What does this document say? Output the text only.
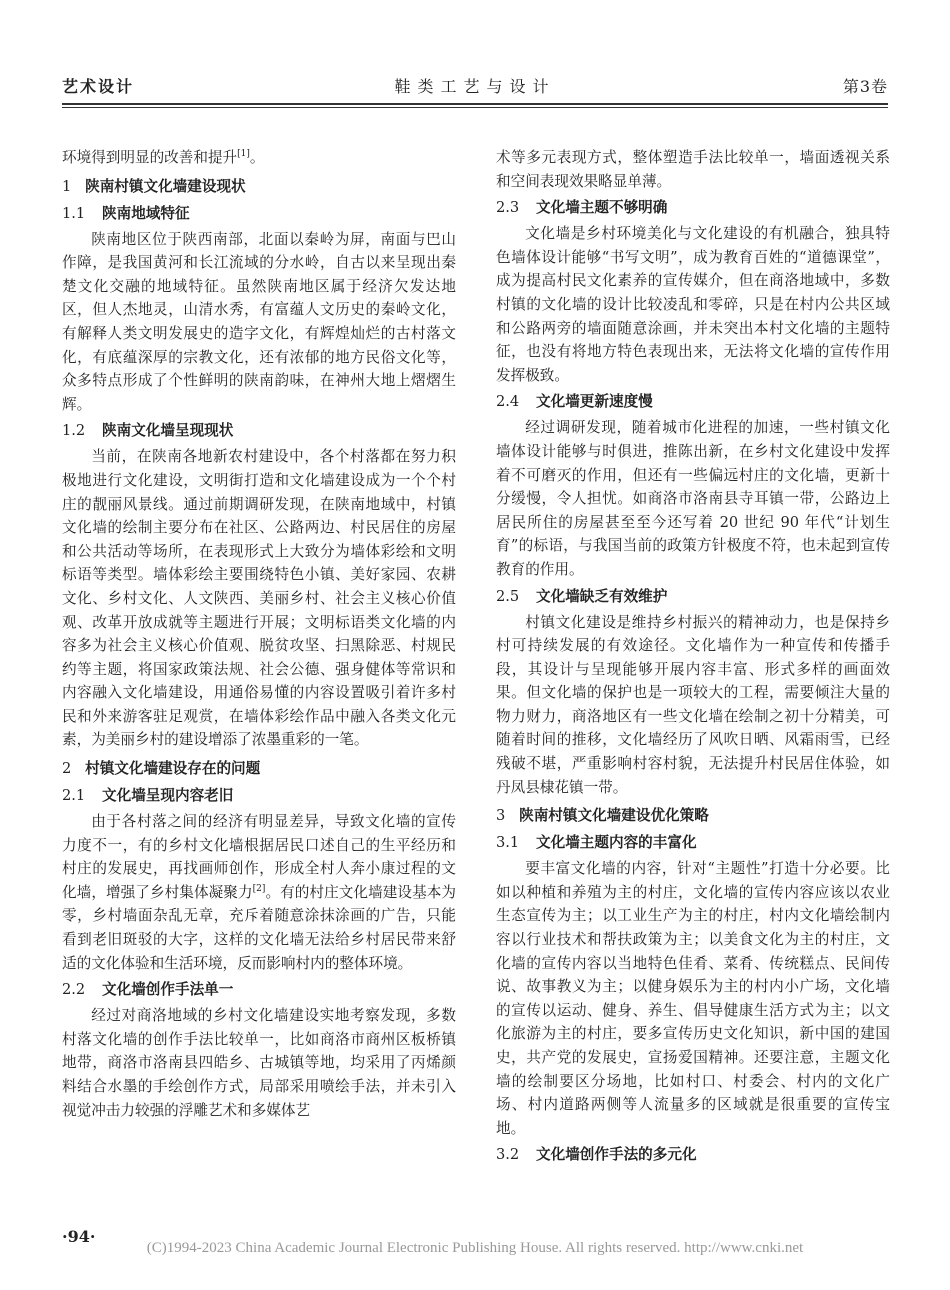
艺术设计	鞋类工艺与设计	第3卷

环境得到明显的改善和提升[1]。

1 陕南村镇文化墙建设现状
1.1 陕南地域特征

陕南地区位于陕西南部，北面以秦岭为屏，南面与巴山作障，是我国黄河和长江流域的分水岭，自古以来呈现出秦楚文化交融的地域特征。虽然陕南地区属于经济欠发达地区，但人杰地灵，山清水秀，有富蕴人文历史的秦岭文化，有解释人类文明发展史的造字文化，有辉煌灿烂的古村落文化，有底蕴深厚的宗教文化，还有浓郁的地方民俗文化等，众多特点形成了个性鲜明的陕南韵味，在神州大地上熠熠生辉。

1.2 陕南文化墙呈现现状

当前，在陕南各地新农村建设中，各个村落都在努力积极地进行文化建设，文明街打造和文化墙建设成为一个个村庄的靓丽风景线。通过前期调研发现，在陕南地域中，村镇文化墙的绘制主要分布在社区、公路两边、村民居住的房屋和公共活动等场所，在表现形式上大致分为墙体彩绘和文明标语等类型。墙体彩绘主要围绕特色小镇、美好家园、农耕文化、乡村文化、人文陕西、美丽乡村、社会主义核心价值观、改革开放成就等主题进行开展；文明标语类文化墙的内容多为社会主义核心价值观、脱贫攻坚、扫黑除恶、村规民约等主题，将国家政策法规、社会公德、强身健体等常识和内容融入文化墙建设，用通俗易懂的内容设置吸引着许多村民和外来游客驻足观赏，在墙体彩绘作品中融入各类文化元素，为美丽乡村的建设增添了浓墨重彩的一笔。

2 村镇文化墙建设存在的问题
2.1 文化墙呈现内容老旧

由于各村落之间的经济有明显差异，导致文化墙的宣传力度不一，有的乡村文化墙根据居民口述自己的生平经历和村庄的发展史，再找画师创作，形成全村人奔小康过程的文化墙，增强了乡村集体凝聚力[2]。有的村庄文化墙建设基本为零，乡村墙面杂乱无章，充斥着随意涂抹涂画的广告，只能看到老旧斑驳的大字，这样的文化墙无法给乡村居民带来舒适的文化体验和生活环境，反而影响村内的整体环境。

2.2 文化墙创作手法单一

经过对商洛地域的乡村文化墙建设实地考察发现，多数村落文化墙的创作手法比较单一，比如商洛市商州区板桥镇地带，商洛市洛南县四皓乡、古城镇等地，均采用了丙烯颜料结合水墨的手绘创作方式，局部采用喷绘手法，并未引入视觉冲击力较强的浮雕艺术和多媒体艺

术等多元表现方式，整体塑造手法比较单一，墙面透视关系和空间表现效果略显单薄。

2.3 文化墙主题不够明确

文化墙是乡村环境美化与文化建设的有机融合，独具特色墙体设计能够“书写文明”，成为教育百姓的“道德课堂”，成为提高村民文化素养的宣传媒介，但在商洛地域中，多数村镇的文化墙的设计比较凌乱和零碎，只是在村内公共区域和公路两旁的墙面随意涂画，并未突出本村文化墙的主题特征，也没有将地方特色表现出来，无法将文化墙的宣传作用发挥极致。

2.4 文化墙更新速度慢

经过调研发现，随着城市化进程的加速，一些村镇文化墙体设计能够与时俱进，推陈出新，在乡村文化建设中发挥着不可磨灭的作用，但还有一些偏远村庄的文化墙，更新十分缓慢，令人担忧。如商洛市洛南县寺耳镇一带，公路边上居民所住的房屋甚至至今还写着 20 世纪 90 年代“计划生育”的标语，与我国当前的政策方针极度不符，也未起到宣传教育的作用。

2.5 文化墙缺乏有效维护

村镇文化建设是维持乡村振兴的精神动力，也是保持乡村可持续发展的有效途径。文化墙作为一种宣传和传播手段，其设计与呈现能够开展内容丰富、形式多样的画面效果。但文化墙的保护也是一项较大的工程，需要倾注大量的物力财力，商洛地区有一些文化墙在绘制之初十分精美，可随着时间的推移，文化墙经历了风吹日晒、风霜雨雪，已经残破不堪，严重影响村容村貌，无法提升村民居住体验，如丹凤县棣花镇一带。

3 陕南村镇文化墙建设优化策略
3.1 文化墙主题内容的丰富化

要丰富文化墙的内容，针对“主题性”打造十分必要。比如以种植和养殖为主的村庄，文化墙的宣传内容应该以农业生态宣传为主；以工业生产为主的村庄，村内文化墙绘制内容以行业技术和帮扶政策为主；以美食文化为主的村庄，文化墙的宣传内容以当地特色佳肴、菜肴、传统糕点、民间传说、故事教义为主；以健身娱乐为主的村内小广场，文化墙的宣传以运动、健身、养生、倡导健康生活方式为主；以文化旅游为主的村庄，要多宣传历史文化知识，新中国的建国史，共产党的发展史，宣扬爱国精神。还要注意，主题文化墙的绘制要区分场地，比如村口、村委会、村内的文化广场、村内道路两侧等人流量多的区域就是很重要的宣传宝地。

3.2 文化墙创作手法的多元化
·94·
(C)1994-2023 China Academic Journal Electronic Publishing House. All rights reserved. http://www.cnki.net
